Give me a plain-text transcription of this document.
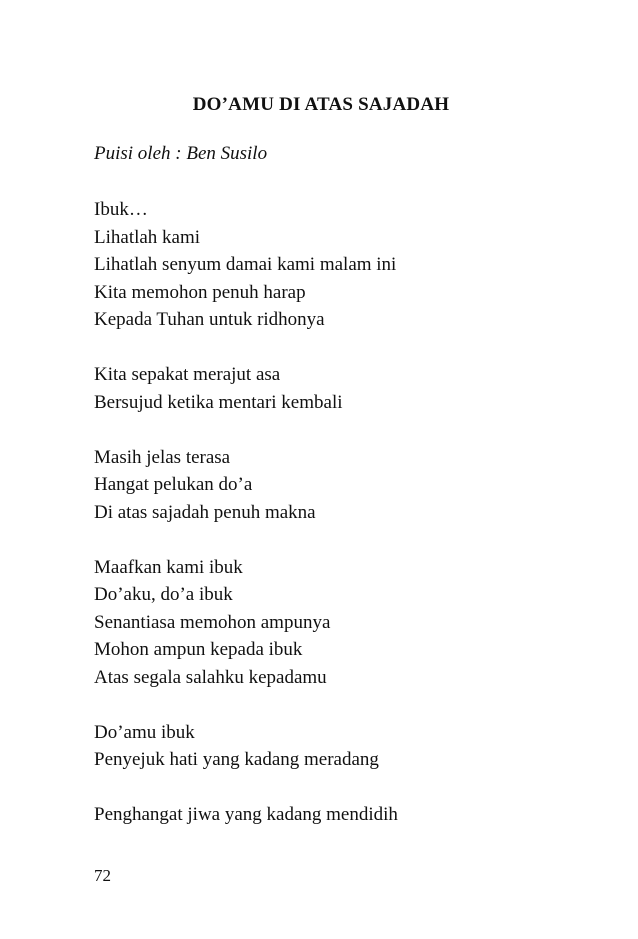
DO’AMU DI ATAS SAJADAH
Puisi oleh : Ben Susilo
Ibuk…
Lihatlah kami
Lihatlah senyum damai kami malam ini
Kita memohon penuh harap
Kepada Tuhan untuk ridhonya
Kita sepakat merajut asa
Bersujud ketika mentari kembali
Masih jelas terasa
Hangat pelukan do’a
Di atas sajadah penuh makna
Maafkan kami ibuk
Do’aku, do’a ibuk
Senantiasa memohon ampunya
Mohon ampun kepada ibuk
Atas segala salahku kepadamu
Do’amu ibuk
Penyejuk hati yang kadang meradang
Penghangat jiwa yang kadang mendidih
72
